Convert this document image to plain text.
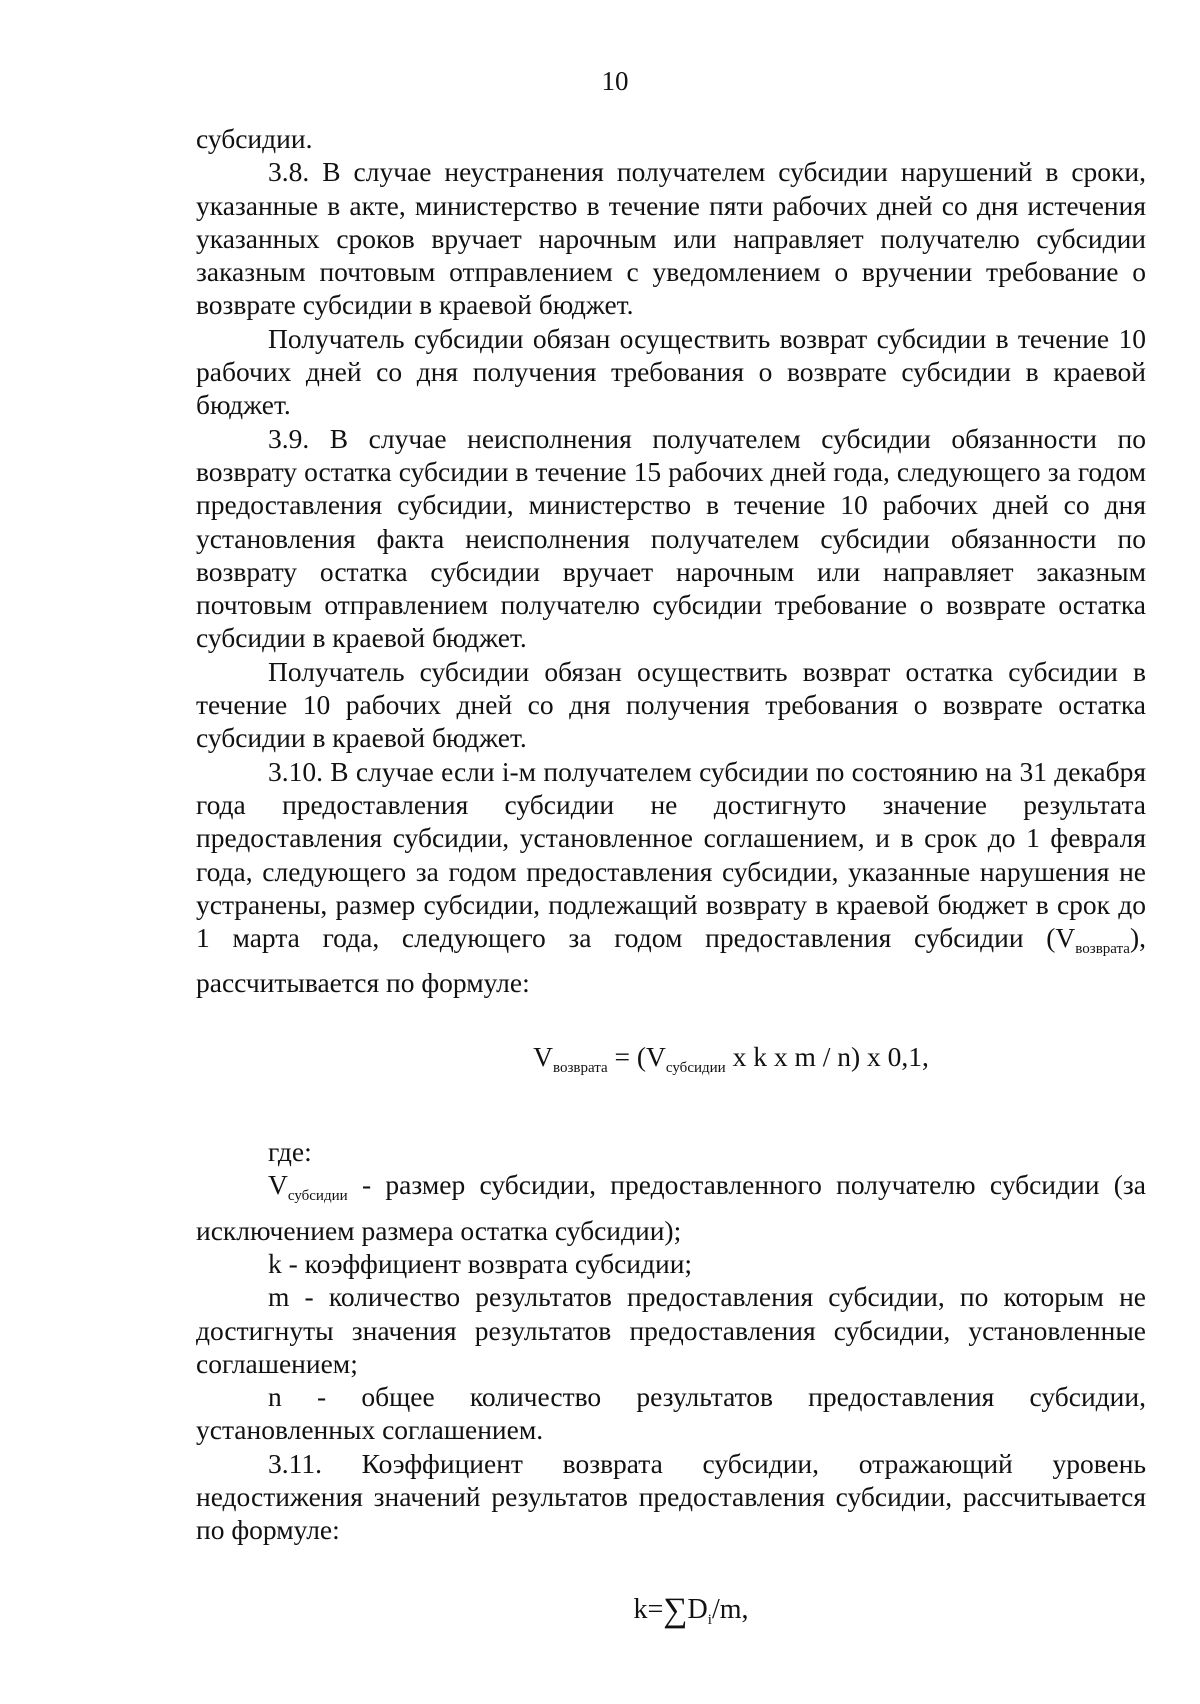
10

субсидии.

3.8. В случае неустранения получателем субсидии нарушений в сроки, указанные в акте, министерство в течение пяти рабочих дней со дня истечения указанных сроков вручает нарочным или направляет получателю субсидии заказным почтовым отправлением с уведомлением о вручении требование о возврате субсидии в краевой бюджет.

Получатель субсидии обязан осуществить возврат субсидии в течение 10 рабочих дней со дня получения требования о возврате субсидии в краевой бюджет.

3.9. В случае неисполнения получателем субсидии обязанности по возврату остатка субсидии в течение 15 рабочих дней года, следующего за годом предоставления субсидии, министерство в течение 10 рабочих дней со дня установления факта неисполнения получателем субсидии обязанности по возврату остатка субсидии вручает нарочным или направляет заказным почтовым отправлением получателю субсидии требование о возврате остатка субсидии в краевой бюджет.

Получатель субсидии обязан осуществить возврат остатка субсидии в течение 10 рабочих дней со дня получения требования о возврате остатка субсидии в краевой бюджет.

3.10. В случае если i-м получателем субсидии по состоянию на 31 декабря года предоставления субсидии не достигнуто значение результата предоставления субсидии, установленное соглашением, и в срок до 1 февраля года, следующего за годом предоставления субсидии, указанные нарушения не устранены, размер субсидии, подлежащий возврату в краевой бюджет в срок до 1 марта года, следующего за годом предоставления субсидии $(V_{возврата})$, рассчитывается по формуле:

$V_{возврата} = (V_{субсидии}$ x k x m / n) x 0,1,

где:

$V_{субсидии}$ - размер субсидии, предоставленного получателю субсидии (за исключением размера остатка субсидии);

k - коэффициент возврата субсидии;

m - количество результатов предоставления субсидии, по которым не достигнуты значения результатов предоставления субсидии, установленные соглашением;

n - общее количество результатов предоставления субсидии, установленных соглашением.

3.11. Коэффициент возврата субсидии, отражающий уровень недостижения значений результатов предоставления субсидии, рассчитывается по формуле:

$k=\sum D_i/m$,
